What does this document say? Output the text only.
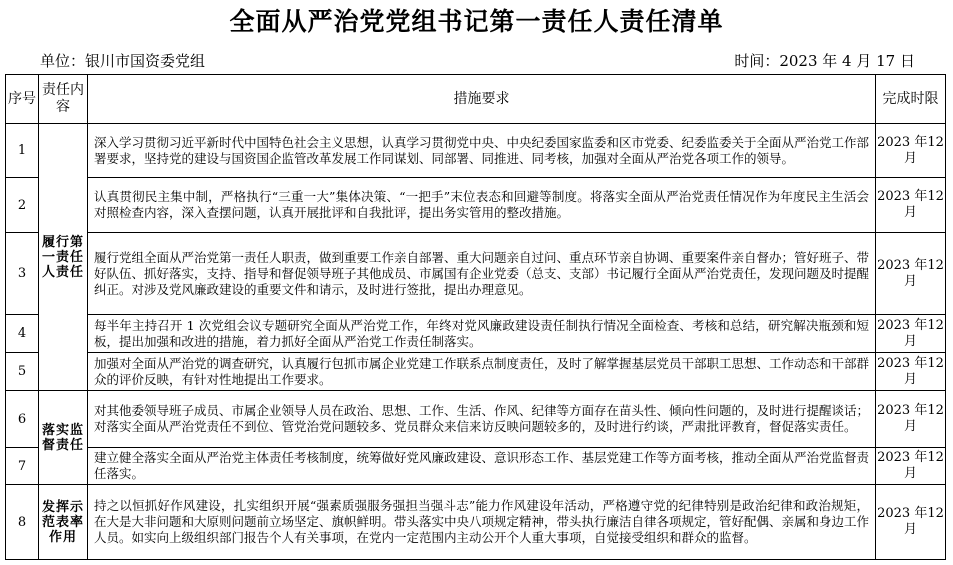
全面从严治党党组书记第一责任人责任清单
单位：银川市国资委党组	时间：2023 年 4 月 17 日
序号	责任内容	措施要求	完成时限
1	履行第一责任人责任	深入学习贯彻习近平新时代中国特色社会主义思想，认真学习贯彻党中央、中央纪委国家监委和区市党委、纪委监委关于全面从严治党工作部署要求，坚持党的建设与国资国企监管改革发展工作同谋划、同部署、同推进、同考核，加强对全面从严治党各项工作的领导。	2023 年12 月
2		认真贯彻民主集中制，严格执行“三重一大”集体决策、“一把手”末位表态和回避等制度。将落实全面从严治党责任情况作为年度民主生活会对照检查内容，深入查摆问题，认真开展批评和自我批评，提出务实管用的整改措施。	2023 年12 月
3		履行党组全面从严治党第一责任人职责，做到重要工作亲自部署、重大问题亲自过问、重点环节亲自协调、重要案件亲自督办；管好班子、带好队伍、抓好落实，支持、指导和督促领导班子其他成员、市属国有企业党委（总支、支部）书记履行全面从严治党责任，发现问题及时提醒纠正。对涉及党风廉政建设的重要文件和请示，及时进行签批，提出办理意见。	2023 年12 月
4		每半年主持召开 1 次党组会议专题研究全面从严治党工作，年终对党风廉政建设责任制执行情况全面检查、考核和总结，研究解决瓶颈和短板，提出加强和改进的措施，着力抓好全面从严治党工作责任制落实。	2023 年12 月
5		加强对全面从严治党的调查研究，认真履行包抓市属企业党建工作联系点制度责任，及时了解掌握基层党员干部职工思想、工作动态和干部群众的评价反映，有针对性地提出工作要求。	2023 年12 月
6	落实监督责任	对其他委领导班子成员、市属企业领导人员在政治、思想、工作、生活、作风、纪律等方面存在苗头性、倾向性问题的，及时进行提醒谈话；对落实全面从严治党责任不到位、管党治党问题较多、党员群众来信来访反映问题较多的，及时进行约谈，严肃批评教育，督促落实责任。	2023 年12 月
7		建立健全落实全面从严治党主体责任考核制度，统筹做好党风廉政建设、意识形态工作、基层党建工作等方面考核，推动全面从严治党监督责任落实。	2023 年12 月
8	发挥示范表率作用	持之以恒抓好作风建设，扎实组织开展“强素质强服务强担当强斗志”能力作风建设年活动，严格遵守党的纪律特别是政治纪律和政治规矩，在大是大非问题和大原则问题前立场坚定、旗帜鲜明。带头落实中央八项规定精神，带头执行廉洁自律各项规定，管好配偶、亲属和身边工作人员。如实向上级组织部门报告个人有关事项，在党内一定范围内主动公开个人重大事项，自觉接受组织和群众的监督。	2023 年12 月
